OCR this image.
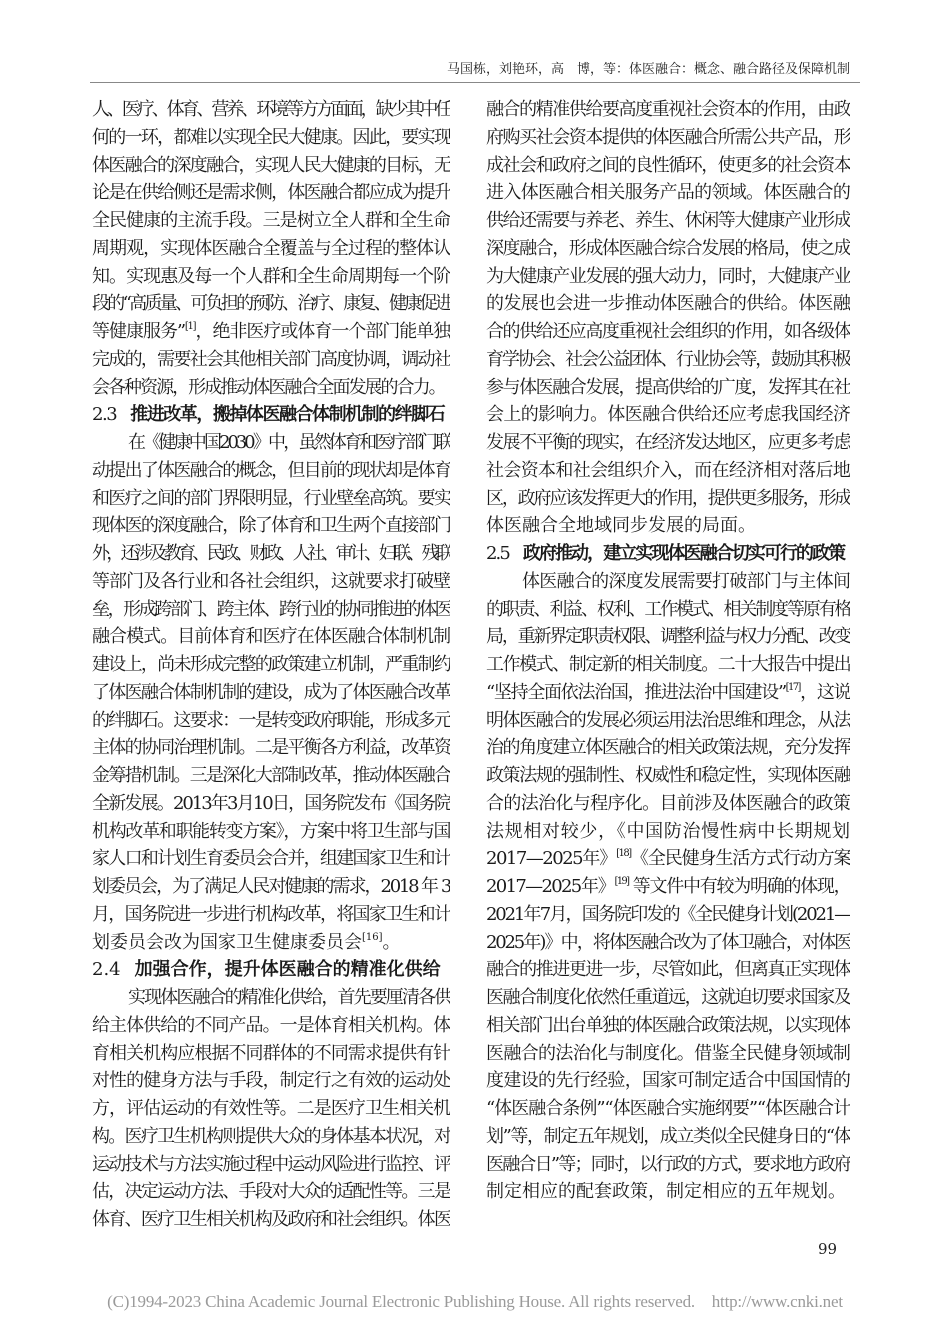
马国栋，刘艳环，高　博，等：体医融合：概念、融合路径及保障机制
人、医疗、体育、营养、环境等方方面面，缺少其中任
何的一环，都难以实现全民大健康。因此，要实现
体医融合的深度融合，实现人民大健康的目标，无
论是在供给侧还是需求侧，体医融合都应成为提升
全民健康的主流手段。三是树立全人群和全生命
周期观，实现体医融合全覆盖与全过程的整体认
知。实现惠及每一个人群和全生命周期每一个阶
段的“高质量、可负担的预防、治疗、康复、健康促进
等健康服务”[1]，绝非医疗或体育一个部门能单独
完成的，需要社会其他相关部门高度协调，调动社
会各种资源，形成推动体医融合全面发展的合力。
2.3 推进改革，搬掉体医融合体制机制的绊脚石
在《健康中国2030》中，虽然体育和医疗部门联
动提出了体医融合的概念，但目前的现状却是体育
和医疗之间的部门界限明显，行业壁垒高筑。要实
现体医的深度融合，除了体育和卫生两个直接部门
外，还涉及教育、民政、财政、人社、审计、妇联、残联
等部门及各行业和各社会组织，这就要求打破壁
垒，形成跨部门、跨主体、跨行业的协同推进的体医
融合模式。目前体育和医疗在体医融合体制机制
建设上，尚未形成完整的政策建立机制，严重制约
了体医融合体制机制的建设，成为了体医融合改革
的绊脚石。这要求：一是转变政府职能，形成多元
主体的协同治理机制。二是平衡各方利益，改革资
金筹措机制。三是深化大部制改革，推动体医融合
全新发展。2013年3月10日，国务院发布《国务院
机构改革和职能转变方案》，方案中将卫生部与国
家人口和计划生育委员会合并，组建国家卫生和计
划委员会，为了满足人民对健康的需求，2018 年 3
月，国务院进一步进行机构改革，将国家卫生和计
划委员会改为国家卫生健康委员会[16]。
2.4 加强合作，提升体医融合的精准化供给
实现体医融合的精准化供给，首先要厘清各供
给主体供给的不同产品。一是体育相关机构。体
育相关机构应根据不同群体的不同需求提供有针
对性的健身方法与手段，制定行之有效的运动处
方，评估运动的有效性等。二是医疗卫生相关机
构。医疗卫生机构则提供大众的身体基本状况，对
运动技术与方法实施过程中运动风险进行监控、评
估，决定运动方法、手段对大众的适配性等。三是
体育、医疗卫生相关机构及政府和社会组织。体医
融合的精准供给要高度重视社会资本的作用，由政
府购买社会资本提供的体医融合所需公共产品，形
成社会和政府之间的良性循环，使更多的社会资本
进入体医融合相关服务产品的领域。体医融合的
供给还需要与养老、养生、休闲等大健康产业形成
深度融合，形成体医融合综合发展的格局，使之成
为大健康产业发展的强大动力，同时，大健康产业
的发展也会进一步推动体医融合的供给。体医融
合的供给还应高度重视社会组织的作用，如各级体
育学协会、社会公益团体、行业协会等，鼓励其积极
参与体医融合发展，提高供给的广度，发挥其在社
会上的影响力。体医融合供给还应考虑我国经济
发展不平衡的现实，在经济发达地区，应更多考虑
社会资本和社会组织介入，而在经济相对落后地
区，政府应该发挥更大的作用，提供更多服务，形成
体医融合全地域同步发展的局面。
2.5 政府推动，建立实现体医融合切实可行的政策
体医融合的深度发展需要打破部门与主体间
的职责、利益、权利、工作模式、相关制度等原有格
局，重新界定职责权限、调整利益与权力分配、改变
工作模式、制定新的相关制度。二十大报告中提出
“坚持全面依法治国，推进法治中国建设”[17]，这说
明体医融合的发展必须运用法治思维和理念，从法
治的角度建立体医融合的相关政策法规，充分发挥
政策法规的强制性、权威性和稳定性，实现体医融
合的法治化与程序化。目前涉及体医融合的政策
法规相对较少，《中国防治慢性病中长期规划
2017—2025年》[18]《全民健身生活方式行动方案
2017—2025年》[19] 等文件中有较为明确的体现，
2021年7月，国务院印发的《全民健身计划(2021—
2025年)》中，将体医融合改为了体卫融合，对体医
融合的推进更进一步，尽管如此，但离真正实现体
医融合制度化依然任重道远，这就迫切要求国家及
相关部门出台单独的体医融合政策法规，以实现体
医融合的法治化与制度化。借鉴全民健身领域制
度建设的先行经验，国家可制定适合中国国情的
“体医融合条例”“体医融合实施纲要”“体医融合计
划”等，制定五年规划，成立类似全民健身日的“体
医融合日”等；同时，以行政的方式，要求地方政府
制定相应的配套政策，制定相应的五年规划。
99
(C)1994-2023 China Academic Journal Electronic Publishing House. All rights reserved.　http://www.cnki.net
